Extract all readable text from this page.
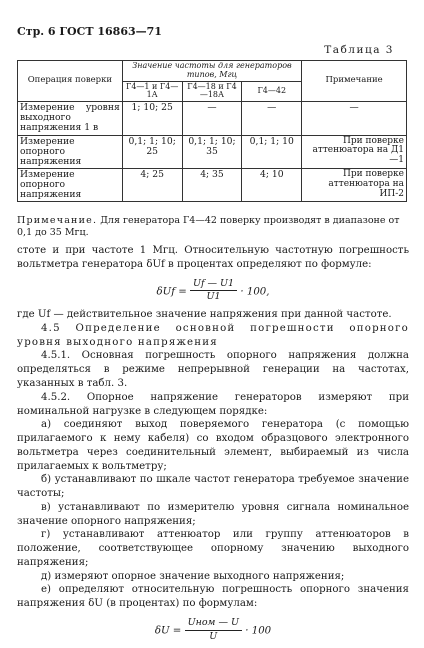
Стр. 6 ГОСТ 16863—71
Таблица 3
Операция поверки	Значение частоты для генераторов типов, Мгц			Примечание
	Г4—1 и Г4—1А	Г4—18 и Г4—18А	Г4—42	
Измерение уровня выходного напряжения 1 в	1; 10; 25	—	—	—
Измерение опорного напряжения	0,1; 1; 10; 25	0,1; 1; 10; 35	0,1; 1; 10	При поверке аттенюатора на Д1—1
Измерение опорного напряжения	4; 25	4; 35	4; 10	При поверке аттенюатора на ИП-2
Примечание. Для генератора Г4—42 поверку производят в диапазоне от 0,1 до 35 Мгц.

стоте и при частоте 1 Мгц. Относительную частотную погрешность вольтметра генератора δUf в процентах определяют по формуле:

$\delta Uf = \frac{Uf — U1}{U1} \cdot 100$,

где Uf — действительное значение напряжения при данной частоте.

4.5 Определение основной погрешности опорного уровня выходного напряжения

4.5.1. Основная погрешность опорного напряжения должна определяться в режиме непрерывной генерации на частотах, указанных в табл. 3.

4.5.2. Опорное напряжение генераторов измеряют при номинальной нагрузке в следующем порядке:

а) соединяют выход поверяемого генератора (с помощью прилагаемого к нему кабеля) со входом образцового электронного вольтметра через соединительный элемент, выбираемый из числа прилагаемых к вольтметру;

б) устанавливают по шкале частот генератора требуемое значение частоты;

в) устанавливают по измерителю уровня сигнала номинальное значение опорного напряжения;

г) устанавливают аттенюатор или группу аттенюаторов в положение, соответствующее опорному значению выходного напряжения;

д) измеряют опорное значение выходного напряжения;

е) определяют относительную погрешность опорного значения напряжения δU (в процентах) по формулам:

$\delta U = \frac{\text{Uном — U}}{U} \cdot 100$
